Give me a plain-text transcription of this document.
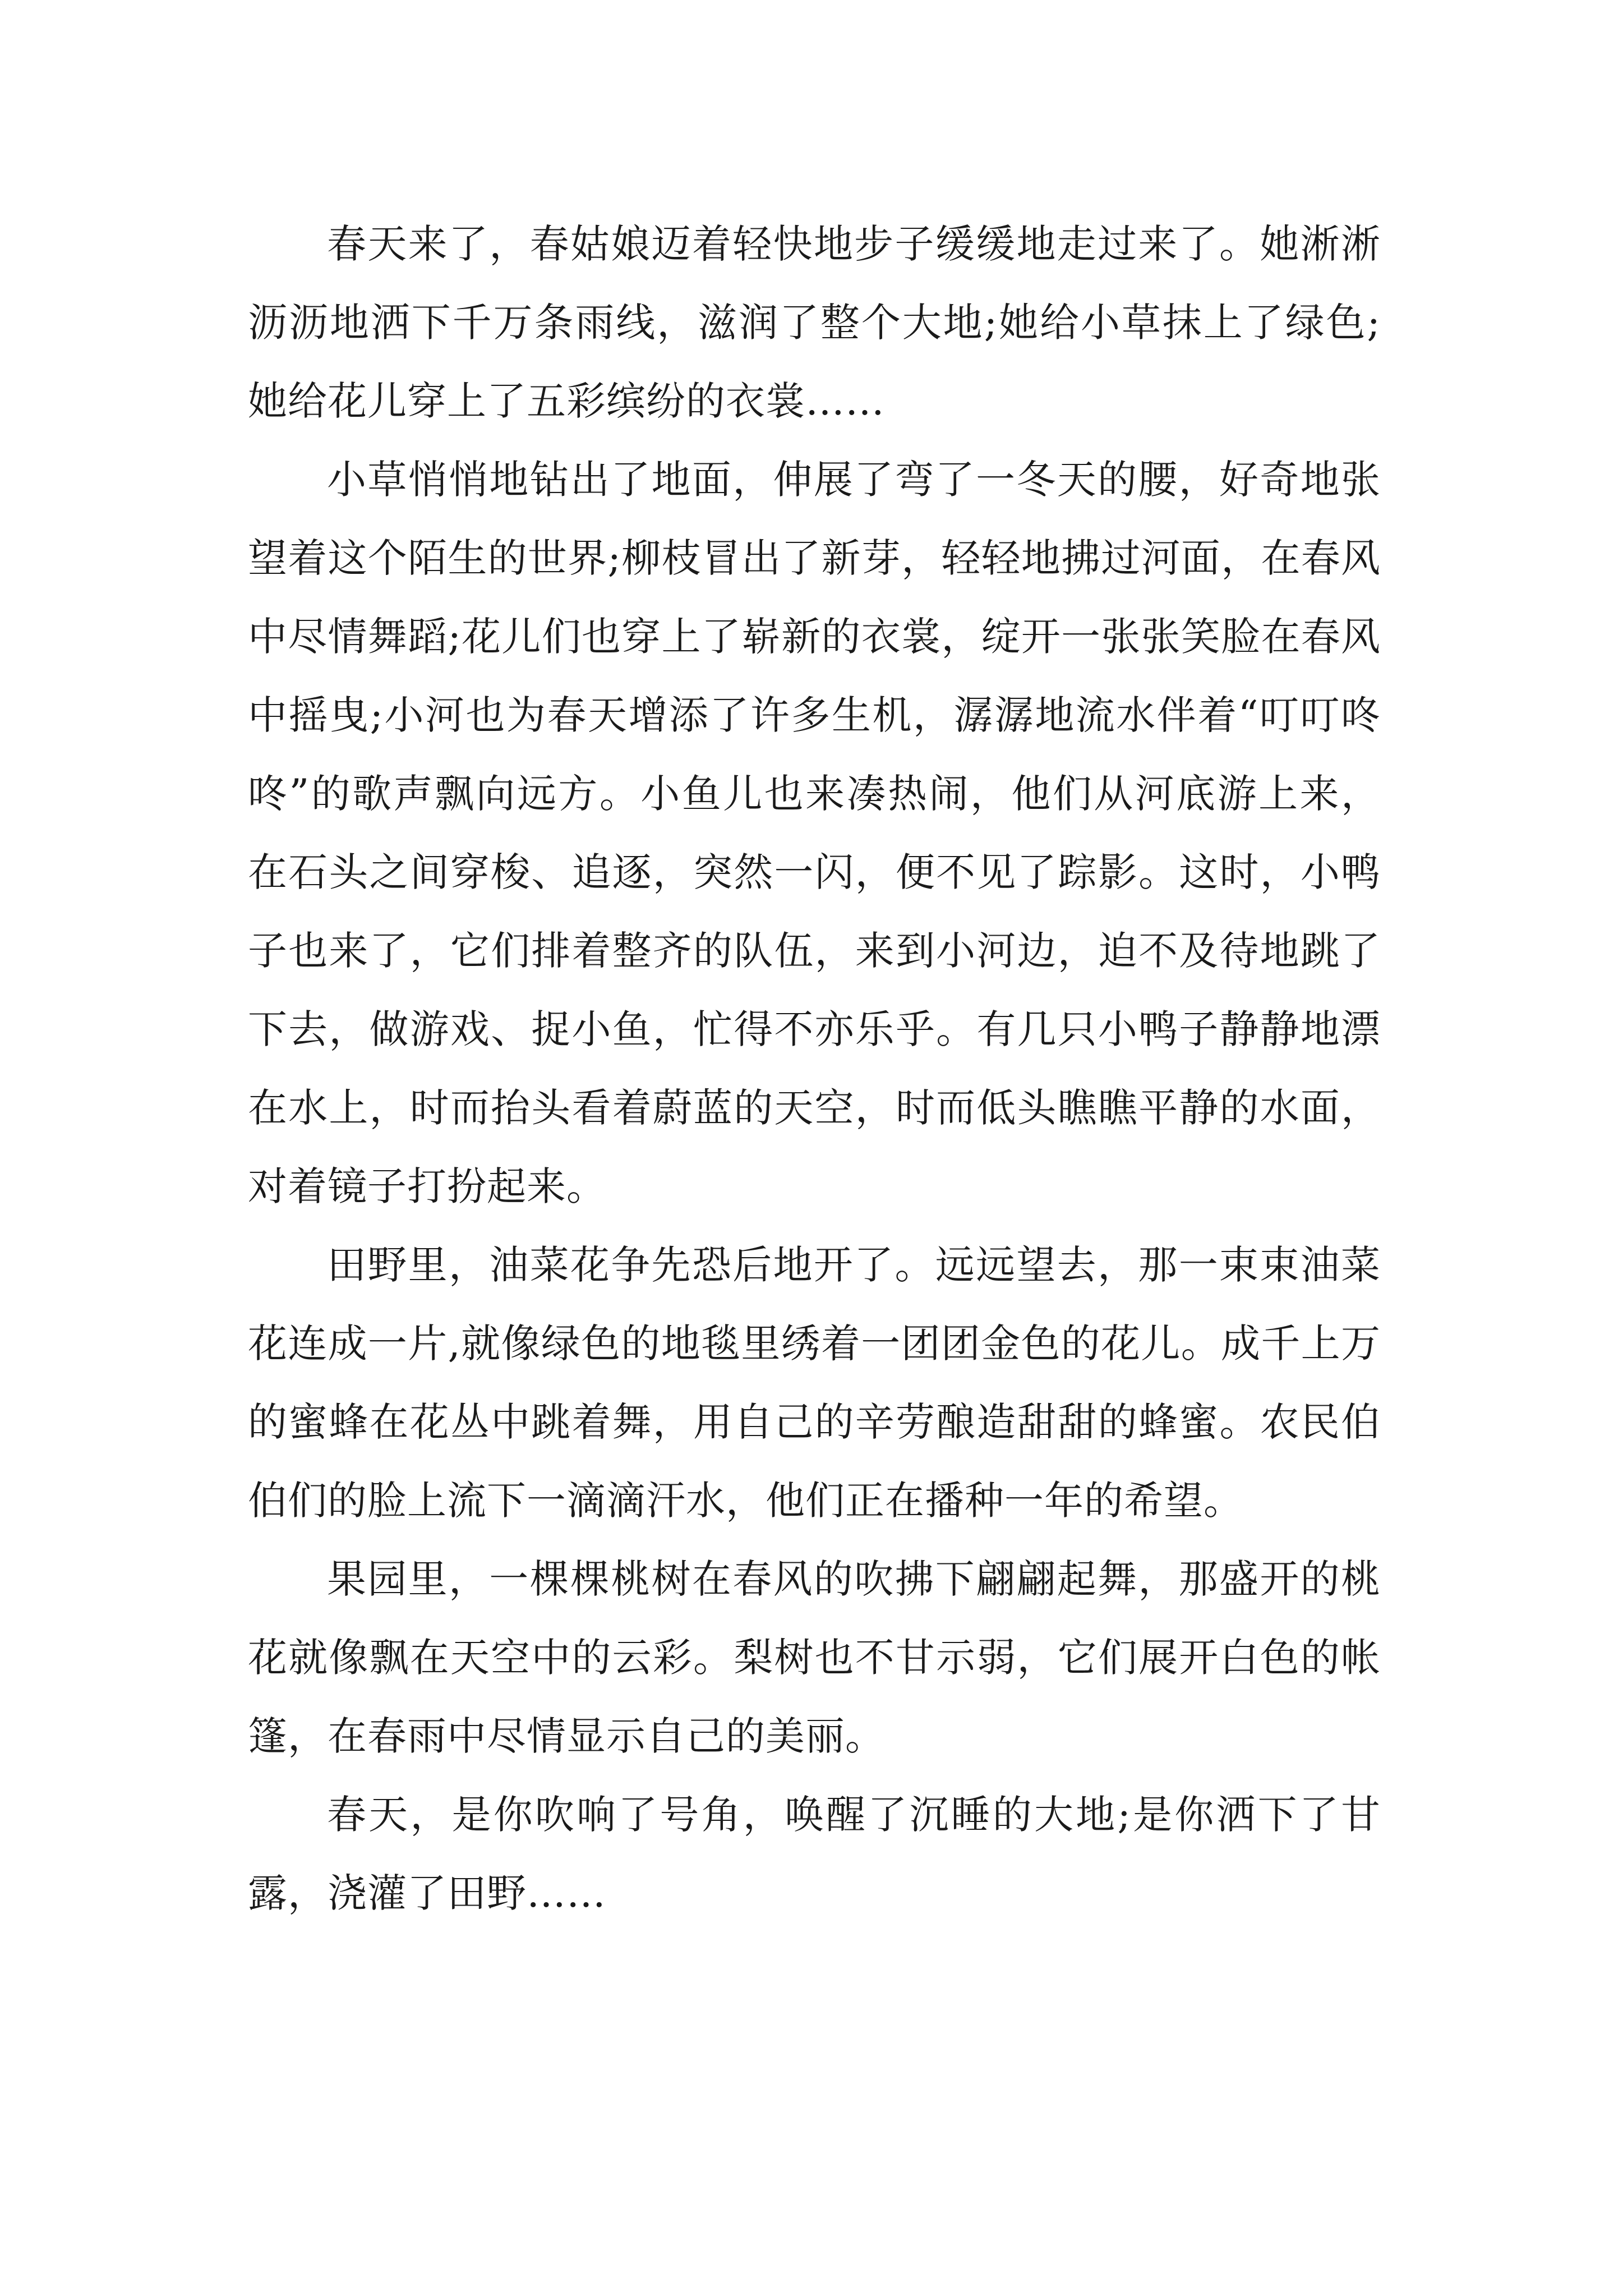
春天来了，春姑娘迈着轻快地步子缓缓地走过来了。她淅淅沥沥地洒下千万条雨线，滋润了整个大地;她给小草抹上了绿色;她给花儿穿上了五彩缤纷的衣裳……

小草悄悄地钻出了地面，伸展了弯了一冬天的腰，好奇地张望着这个陌生的世界;柳枝冒出了新芽，轻轻地拂过河面，在春风中尽情舞蹈;花儿们也穿上了崭新的衣裳，绽开一张张笑脸在春风中摇曳;小河也为春天增添了许多生机，潺潺地流水伴着“叮叮咚咚”的歌声飘向远方。小鱼儿也来凑热闹，他们从河底游上来，在石头之间穿梭、追逐，突然一闪，便不见了踪影。这时，小鸭子也来了，它们排着整齐的队伍，来到小河边，迫不及待地跳了下去，做游戏、捉小鱼，忙得不亦乐乎。有几只小鸭子静静地漂在水上，时而抬头看着蔚蓝的天空，时而低头瞧瞧平静的水面，对着镜子打扮起来。

田野里，油菜花争先恐后地开了。远远望去，那一束束油菜花连成一片,就像绿色的地毯里绣着一团团金色的花儿。成千上万的蜜蜂在花丛中跳着舞，用自己的辛劳酿造甜甜的蜂蜜。农民伯伯们的脸上流下一滴滴汗水，他们正在播种一年的希望。

果园里，一棵棵桃树在春风的吹拂下翩翩起舞，那盛开的桃花就像飘在天空中的云彩。梨树也不甘示弱，它们展开白色的帐篷，在春雨中尽情显示自己的美丽。

春天，是你吹响了号角，唤醒了沉睡的大地;是你洒下了甘露，浇灌了田野……
